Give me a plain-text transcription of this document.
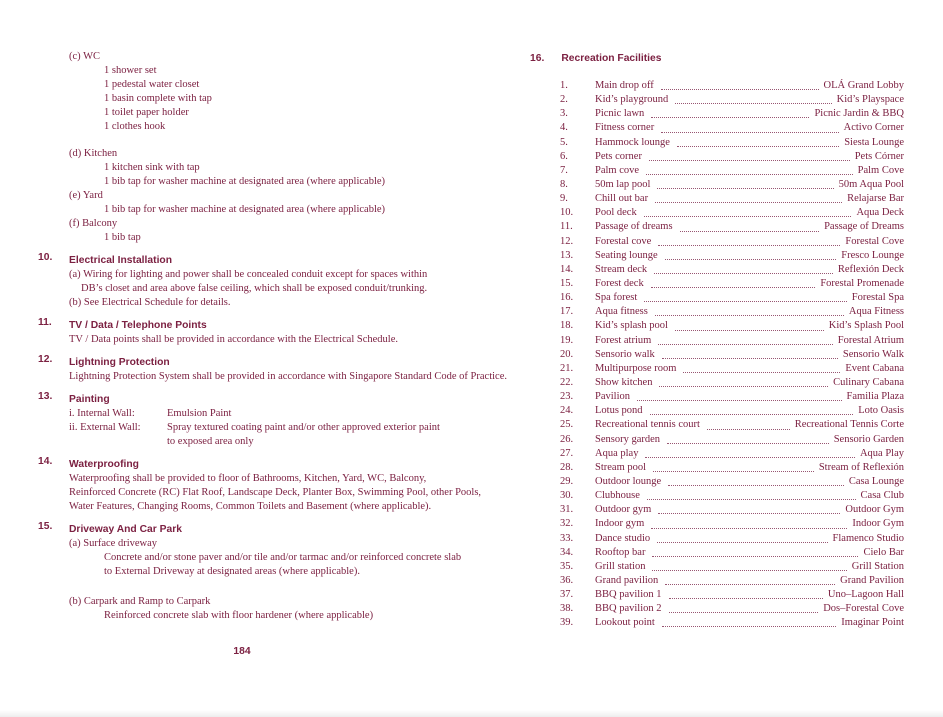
(c) WC
1 shower set
1 pedestal water closet
1 basin complete with tap
1 toilet paper holder
1 clothes hook
(d) Kitchen
1 kitchen sink with tap
1 bib tap for washer machine at designated area (where applicable)
(e) Yard
1 bib tap for washer machine at designated area (where applicable)
(f) Balcony
1 bib tap
10.	Electrical Installation
(a) Wiring for lighting and power shall be concealed conduit except for spaces within
DB’s closet and area above false ceiling, which shall be exposed conduit/trunking.
(b) See Electrical Schedule for details.
11.	TV / Data / Telephone Points
TV / Data points shall be provided in accordance with the Electrical Schedule.
12.	Lightning Protection
Lightning Protection System shall be provided in accordance with Singapore Standard Code of Practice.
13.	Painting
i. Internal Wall:	Emulsion Paint
ii. External Wall:	Spray textured coating paint and/or other approved exterior paint
to exposed area only
14.	Waterproofing
Waterproofing shall be provided to floor of Bathrooms, Kitchen, Yard, WC, Balcony,
Reinforced Concrete (RC) Flat Roof, Landscape Deck, Planter Box, Swimming Pool, other Pools,
Water Features, Changing Rooms, Common Toilets and Basement (where applicable).
15.	Driveway And Car Park
(a) Surface driveway
Concrete and/or stone paver and/or tile and/or tarmac and/or reinforced concrete slab
to External Driveway at designated areas (where applicable).
(b) Carpark and Ramp to Carpark
Reinforced concrete slab with floor hardener (where applicable)
184
16. Recreation Facilities
1.	Main drop off	OLÁ Grand Lobby
2.	Kid’s playground	Kid’s Playspace
3.	Picnic lawn	Picnic Jardin & BBQ
4.	Fitness corner	Activo Corner
5.	Hammock lounge	Siesta Lounge
6.	Pets corner	Pets Córner
7.	Palm cove	Palm Cove
8.	50m lap pool	50m Aqua Pool
9.	Chill out bar	Relajarse Bar
10.	Pool deck	Aqua Deck
11.	Passage of dreams	Passage of Dreams
12.	Forestal cove	Forestal Cove
13.	Seating lounge	Fresco Lounge
14.	Stream deck	Reflexión Deck
15.	Forest deck	Forestal Promenade
16.	Spa forest	Forestal Spa
17.	Aqua fitness	Aqua Fitness
18.	Kid’s splash pool	Kid’s Splash Pool
19.	Forest atrium	Forestal Atrium
20.	Sensorio walk	Sensorio Walk
21.	Multipurpose room	Event Cabana
22.	Show kitchen	Culinary Cabana
23.	Pavilion	Familia Plaza
24.	Lotus pond	Loto Oasis
25.	Recreational tennis court	Recreational Tennis Corte
26.	Sensory garden	Sensorio Garden
27.	Aqua play	Aqua Play
28.	Stream pool	Stream of Reflexión
29.	Outdoor lounge	Casa Lounge
30.	Clubhouse	Casa Club
31.	Outdoor gym	Outdoor Gym
32.	Indoor gym	Indoor Gym
33.	Dance studio	Flamenco Studio
34.	Rooftop bar	Cielo Bar
35.	Grill station	Grill Station
36.	Grand pavilion	Grand Pavilion
37.	BBQ pavilion 1	Uno–Lagoon Hall
38.	BBQ pavilion 2	Dos–Forestal Cove
39.	Lookout point	Imaginar Point
